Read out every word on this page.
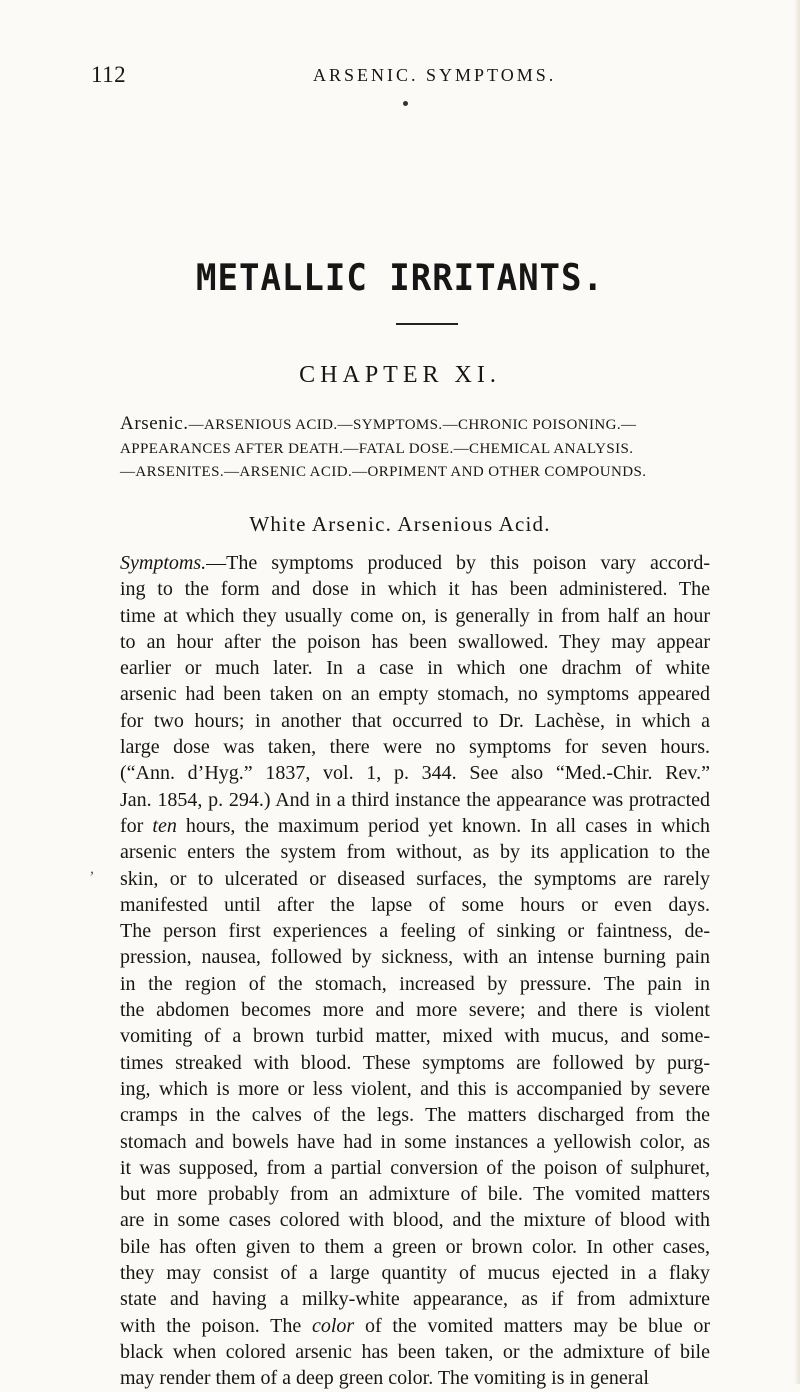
112	ARSENIC. SYMPTOMS.
METALLIC IRRITANTS.
CHAPTER XI.
Arsenic.—ARSENIOUS ACID.—SYMPTOMS.—CHRONIC POISONING.—
APPEARANCES AFTER DEATH.—FATAL DOSE.—CHEMICAL ANALYSIS.
—ARSENITES.—ARSENIC ACID.—ORPIMENT AND OTHER COMPOUNDS.
White Arsenic. Arsenious Acid.
Symptoms.—The symptoms produced by this poison vary accord-
ing to the form and dose in which it has been administered. The
time at which they usually come on, is generally in from half an hour
to an hour after the poison has been swallowed. They may appear
earlier or much later. In a case in which one drachm of white
arsenic had been taken on an empty stomach, no symptoms appeared
for two hours; in another that occurred to Dr. Lachèse, in which a
large dose was taken, there were no symptoms for seven hours.
(“Ann. d’Hyg.” 1837, vol. 1, p. 344. See also “Med.-Chir. Rev.”
Jan. 1854, p. 294.) And in a third instance the appearance was protracted
for ten hours, the maximum period yet known. In all cases in which
arsenic enters the system from without, as by its application to the
skin, or to ulcerated or diseased surfaces, the symptoms are rarely
manifested until after the lapse of some hours or even days.
The person first experiences a feeling of sinking or faintness, de-
pression, nausea, followed by sickness, with an intense burning pain
in the region of the stomach, increased by pressure. The pain in
the abdomen becomes more and more severe; and there is violent
vomiting of a brown turbid matter, mixed with mucus, and some-
times streaked with blood. These symptoms are followed by purg-
ing, which is more or less violent, and this is accompanied by severe
cramps in the calves of the legs. The matters discharged from the
stomach and bowels have had in some instances a yellowish color, as
it was supposed, from a partial conversion of the poison of sulphuret,
but more probably from an admixture of bile. The vomited matters
are in some cases colored with blood, and the mixture of blood with
bile has often given to them a green or brown color. In other cases,
they may consist of a large quantity of mucus ejected in a flaky
state and having a milky-white appearance, as if from admixture
with the poison. The color of the vomited matters may be blue or
black when colored arsenic has been taken, or the admixture of bile
may render them of a deep green color. The vomiting is in general
,
